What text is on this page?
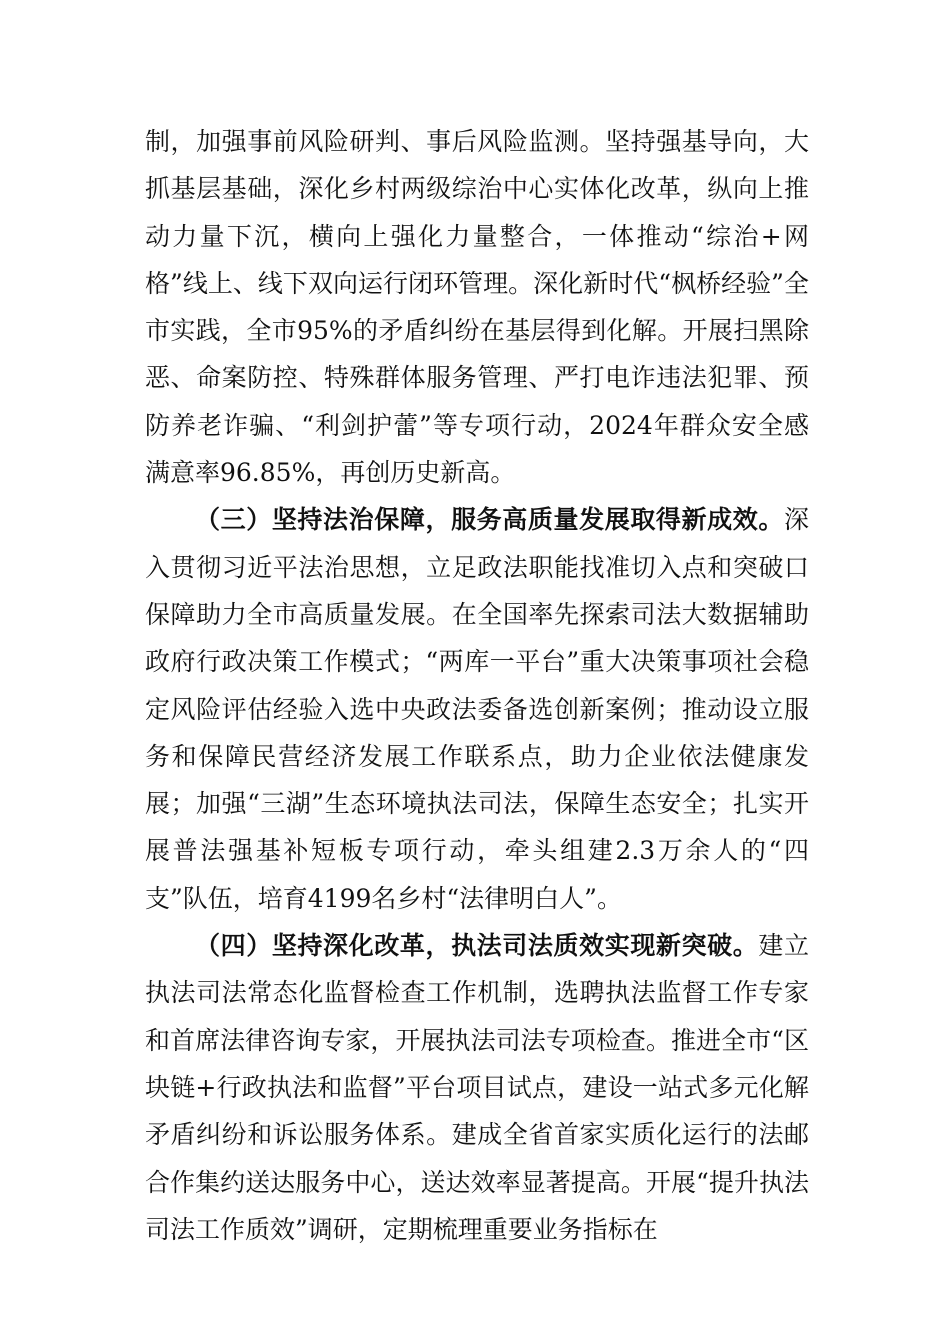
制，加强事前风险研判、事后风险监测。坚持强基导向，大抓基层基础，深化乡村两级综治中心实体化改革，纵向上推动力量下沉，横向上强化力量整合，一体推动“综治+网格”线上、线下双向运行闭环管理。深化新时代“枫桥经验”全市实践，全市95%的矛盾纠纷在基层得到化解。开展扫黑除恶、命案防控、特殊群体服务管理、严打电诈违法犯罪、预防养老诈骗、“利剑护蕾”等专项行动，2024年群众安全感满意率96.85%，再创历史新高。

（三）坚持法治保障，服务高质量发展取得新成效。深入贯彻习近平法治思想，立足政法职能找准切入点和突破口保障助力全市高质量发展。在全国率先探索司法大数据辅助政府行政决策工作模式；“两库一平台”重大决策事项社会稳定风险评估经验入选中央政法委备选创新案例；推动设立服务和保障民营经济发展工作联系点，助力企业依法健康发展；加强“三湖”生态环境执法司法，保障生态安全；扎实开展普法强基补短板专项行动，牵头组建2.3万余人的“四支”队伍，培育4199名乡村“法律明白人”。

（四）坚持深化改革，执法司法质效实现新突破。建立执法司法常态化监督检查工作机制，选聘执法监督工作专家和首席法律咨询专家，开展执法司法专项检查。推进全市“区块链+行政执法和监督”平台项目试点，建设一站式多元化解矛盾纠纷和诉讼服务体系。建成全省首家实质化运行的法邮合作集约送达服务中心，送达效率显著提高。开展“提升执法司法工作质效”调研，定期梳理重要业务指标在
